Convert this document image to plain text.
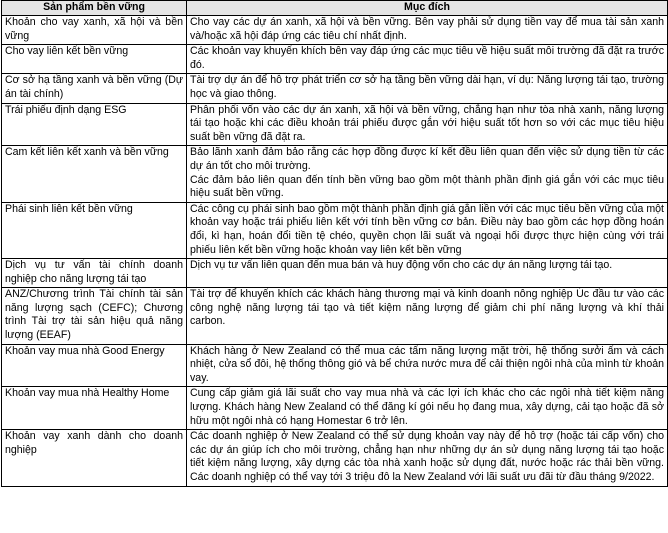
Sản phẩm bền vững	Mục đích

Khoản cho vay xanh, xã hội và bền vững	Cho vay các dự án xanh, xã hội và bền vững. Bên vay phải sử dụng tiền vay để mua tài sản xanh và/hoặc xã hội đáp ứng các tiêu chí nhất định.

Cho vay liên kết bền vững	Các khoản vay khuyến khích bên vay đáp ứng các mục tiêu về hiệu suất môi trường đã đặt ra trước đó.

Cơ sở hạ tầng xanh và bền vững (Dự án tài chính)	Tài trợ dự án để hỗ trợ phát triển cơ sở hạ tầng bền vững dài hạn, ví dụ: Năng lượng tái tạo, trường học và giao thông.

Trái phiếu định dạng ESG	Phân phối vốn vào các dự án xanh, xã hội và bền vững, chẳng hạn như tòa nhà xanh, năng lượng tái tạo hoặc khi các điều khoản trái phiếu được gắn với hiệu suất tốt hơn so với các mục tiêu hiệu suất bền vững đã đặt ra.

Cam kết liên kết xanh và bền vững	Bảo lãnh xanh đảm bảo rằng các hợp đồng được kí kết đều liên quan đến việc sử dụng tiền từ các dự án tốt cho môi trường.
Các đảm bảo liên quan đến tính bền vững bao gồm một thành phần định giá gắn với các mục tiêu hiệu suất bền vững.

Phái sinh liên kết bền vững	Các công cụ phái sinh bao gồm một thành phần định giá gắn liền với các mục tiêu bền vững của một khoản vay hoặc trái phiếu liên kết với tính bền vững cơ bản. Điều này bao gồm các hợp đồng hoán đổi, kì hạn, hoán đổi tiền tệ chéo, quyền chọn lãi suất và ngoại hối được thực hiện cùng với trái phiếu liên kết bền vững hoặc khoản vay liên kết bền vững

Dịch vụ tư vấn tài chính doanh nghiệp cho năng lượng tái tạo	Dịch vụ tư vấn liên quan đến mua bán và huy động vốn cho các dự án năng lượng tái tạo.

ANZ/Chương trình Tài chính tài sản năng lượng sạch (CEFC); Chương trình Tài trợ tài sản hiệu quả năng lượng (EEAF)	Tài trợ để khuyến khích các khách hàng thương mại và kinh doanh nông nghiệp Úc đầu tư vào các công nghệ năng lượng tái tạo và tiết kiệm năng lượng để giảm chi phí năng lượng và khí thải carbon.

Khoản vay mua nhà Good Energy	Khách hàng ở New Zealand có thể mua các tấm năng lượng mặt trời, hệ thống sưởi ấm và cách nhiệt, cửa sổ đôi, hệ thống thông gió và bể chứa nước mưa để cải thiện ngôi nhà của mình từ khoản vay.

Khoản vay mua nhà Healthy Home	Cung cấp giảm giá lãi suất cho vay mua nhà và các lợi ích khác cho các ngôi nhà tiết kiệm năng lượng. Khách hàng New Zealand có thể đăng kí gói nếu họ đang mua, xây dựng, cải tạo hoặc đã sở hữu một ngôi nhà có hạng Homestar 6 trở lên.

Khoản vay xanh dành cho doanh nghiệp	Các doanh nghiệp ở New Zealand có thể sử dụng khoản vay này để hỗ trợ (hoặc tái cấp vốn) cho các dự án giúp ích cho môi trường, chẳng hạn như những dự án sử dụng năng lượng tái tạo hoặc tiết kiệm năng lượng, xây dựng các tòa nhà xanh hoặc sử dụng đất, nước hoặc rác thải bền vững. Các doanh nghiệp có thể vay tới 3 triệu đô la New Zealand với lãi suất ưu đãi từ đầu tháng 9/2022.
